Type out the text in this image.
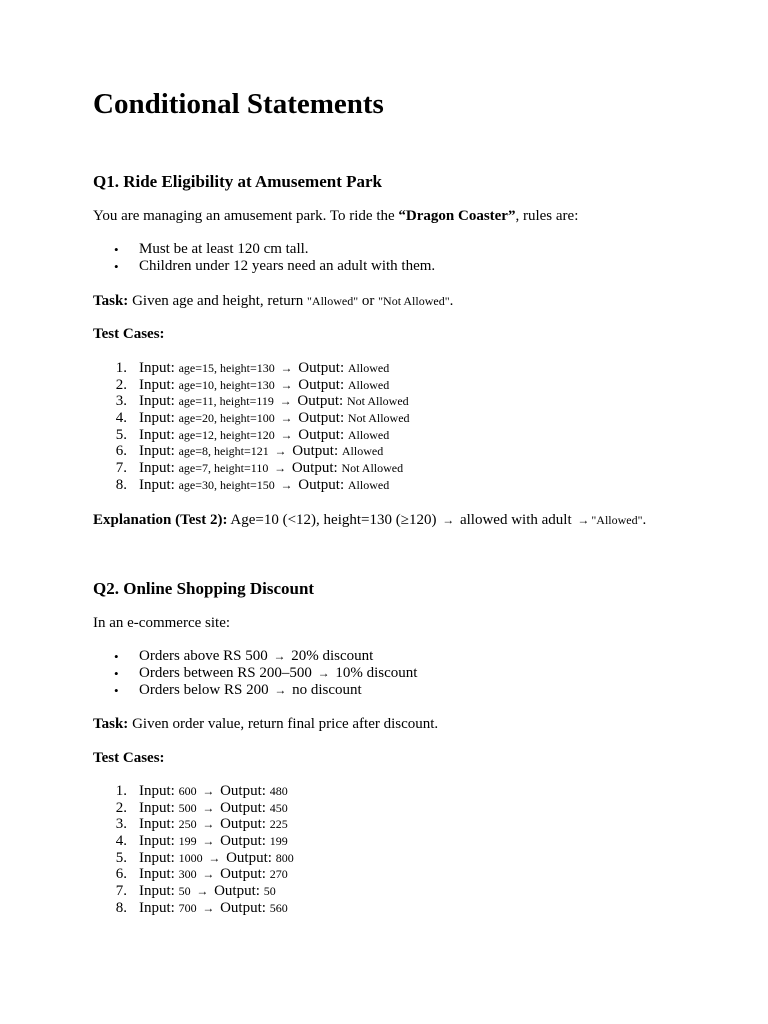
Conditional Statements
Q1. Ride Eligibility at Amusement Park

You are managing an amusement park. To ride the “Dragon Coaster”, rules are:

• Must be at least 120 cm tall.
• Children under 12 years need an adult with them.

Task: Given age and height, return "Allowed" or "Not Allowed".

Test Cases:

1. Input: age=15, height=130 → Output: Allowed
2. Input: age=10, height=130 → Output: Allowed
3. Input: age=11, height=119 → Output: Not Allowed
4. Input: age=20, height=100 → Output: Not Allowed
5. Input: age=12, height=120 → Output: Allowed
6. Input: age=8, height=121 → Output: Allowed
7. Input: age=7, height=110 → Output: Not Allowed
8. Input: age=30, height=150 → Output: Allowed

Explanation (Test 2): Age=10 (<12), height=130 (≥120) → allowed with adult → "Allowed".

Q2. Online Shopping Discount

In an e-commerce site:

• Orders above RS 500 → 20% discount
• Orders between RS 200–500 → 10% discount
• Orders below RS 200 → no discount

Task: Given order value, return final price after discount.

Test Cases:

1. Input: 600 → Output: 480
2. Input: 500 → Output: 450
3. Input: 250 → Output: 225
4. Input: 199 → Output: 199
5. Input: 1000 → Output: 800
6. Input: 300 → Output: 270
7. Input: 50 → Output: 50
8. Input: 700 → Output: 560
